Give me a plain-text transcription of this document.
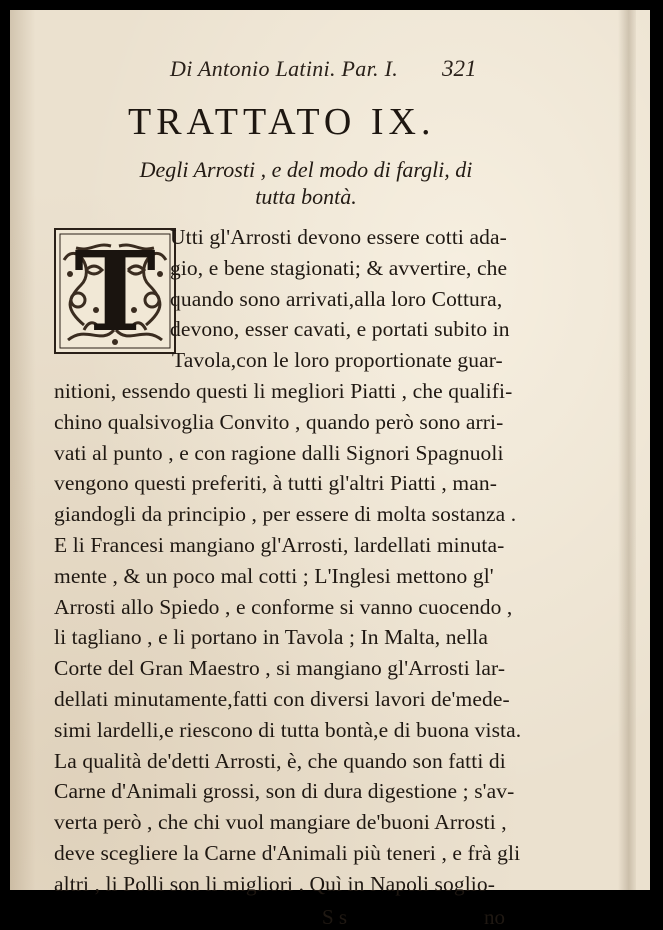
Di Antonio Latini. Par. I. 321
TRATTATO IX.
Degli Arrosti , e del modo di fargli, di
tutta bontà.
T Utti gl'Arrosti devono essere cotti ada-
gio, e bene stagionati; & avvertire, che
quando sono arrivati,alla loro Cottura,
devono, esser cavati, e portati subito in
Tavola,con le loro proportionate guar-
nitioni, essendo questi li megliori Piatti , che qualifi-
chino qualsivoglia Convito , quando però sono arri-
vati al punto , e con ragione dalli Signori Spagnuoli
vengono questi preferiti, à tutti gl'altri Piatti , man-
giandogli da principio , per essere di molta sostanza .
E li Francesi mangiano gl'Arrosti, lardellati minuta-
mente , & un poco mal cotti ; L'Inglesi mettono gl'
Arrosti allo Spiedo , e conforme si vanno cuocendo ,
li tagliano , e li portano in Tavola ; In Malta, nella
Corte del Gran Maestro , si mangiano gl'Arrosti lar-
dellati minutamente,fatti con diversi lavori de'mede-
simi lardelli,e riescono di tutta bontà,e di buona vista.
La qualità de'detti Arrosti, è, che quando son fatti di
Carne d'Animali grossi, son di dura digestione ; s'av-
verta però , che chi vuol mangiare de'buoni Arrosti ,
deve scegliere la Carne d'Animali più teneri , e frà gli
altri , li Polli son li migliori . Quì in Napoli soglio-
S s	no
